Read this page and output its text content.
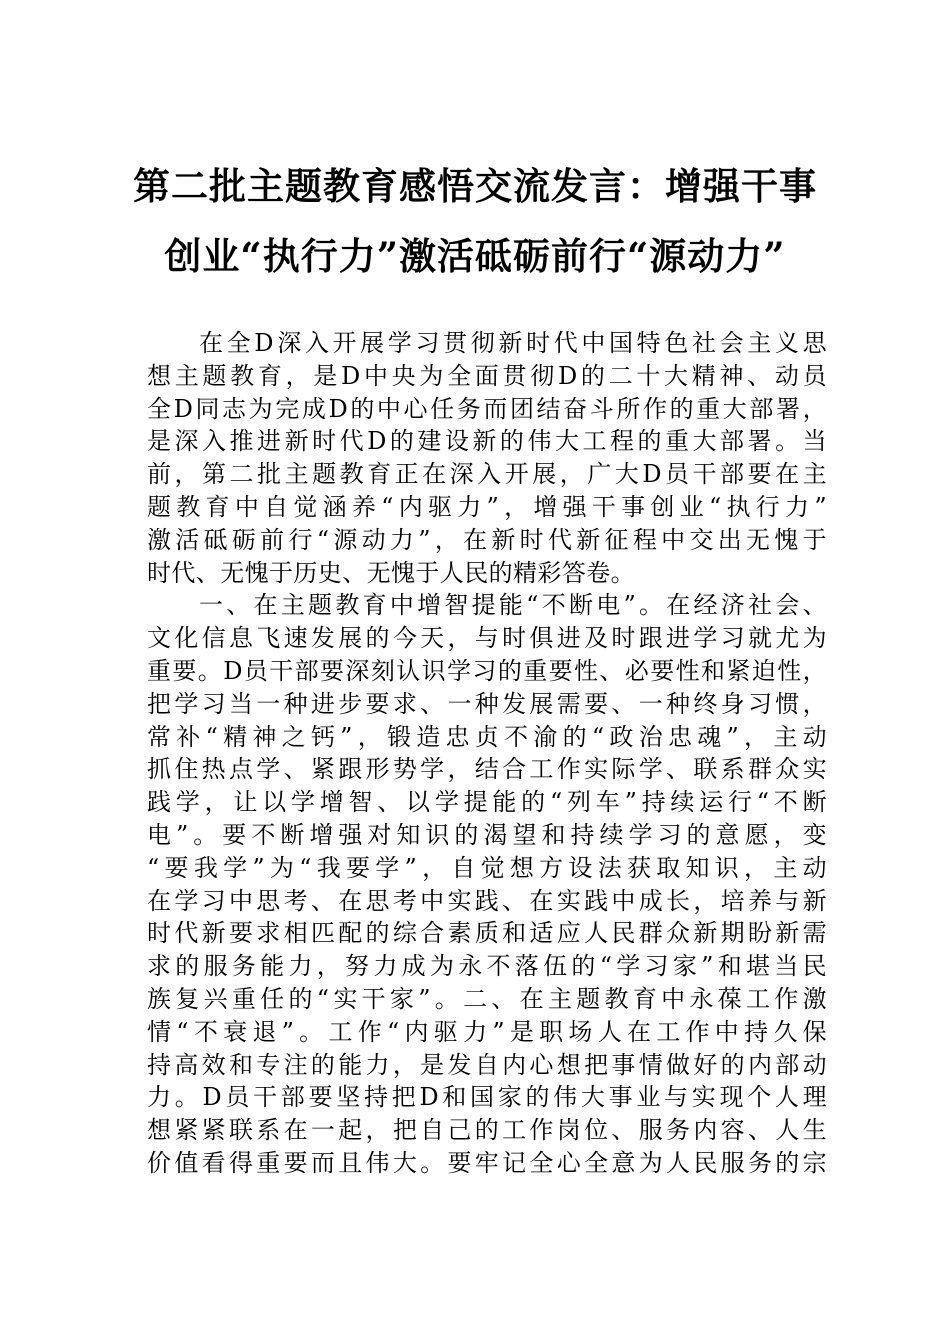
第二批主题教育感悟交流发言：增强干事
创业“执行力”激活砥砺前行“源动力”
在全D深入开展学习贯彻新时代中国特色社会主义思
想主题教育，是D中央为全面贯彻D的二十大精神、动员
全D同志为完成D的中心任务而团结奋斗所作的重大部署，
是深入推进新时代D的建设新的伟大工程的重大部署。当
前，第二批主题教育正在深入开展，广大D员干部要在主
题教育中自觉涵养“内驱力”，增强干事创业“执行力”
激活砥砺前行“源动力”，在新时代新征程中交出无愧于
时代、无愧于历史、无愧于人民的精彩答卷。
一、在主题教育中增智提能“不断电”。在经济社会、
文化信息飞速发展的今天，与时俱进及时跟进学习就尤为
重要。D员干部要深刻认识学习的重要性、必要性和紧迫性，
把学习当一种进步要求、一种发展需要、一种终身习惯，
常补“精神之钙”，锻造忠贞不渝的“政治忠魂”，主动
抓住热点学、紧跟形势学，结合工作实际学、联系群众实
践学，让以学增智、以学提能的“列车”持续运行“不断
电”。要不断增强对知识的渴望和持续学习的意愿，变
“要我学”为“我要学”，自觉想方设法获取知识，主动
在学习中思考、在思考中实践、在实践中成长，培养与新
时代新要求相匹配的综合素质和适应人民群众新期盼新需
求的服务能力，努力成为永不落伍的“学习家”和堪当民
族复兴重任的“实干家”。二、在主题教育中永葆工作激
情“不衰退”。工作“内驱力”是职场人在工作中持久保
持高效和专注的能力，是发自内心想把事情做好的内部动
力。D员干部要坚持把D和国家的伟大事业与实现个人理
想紧紧联系在一起，把自己的工作岗位、服务内容、人生
价值看得重要而且伟大。要牢记全心全意为人民服务的宗
